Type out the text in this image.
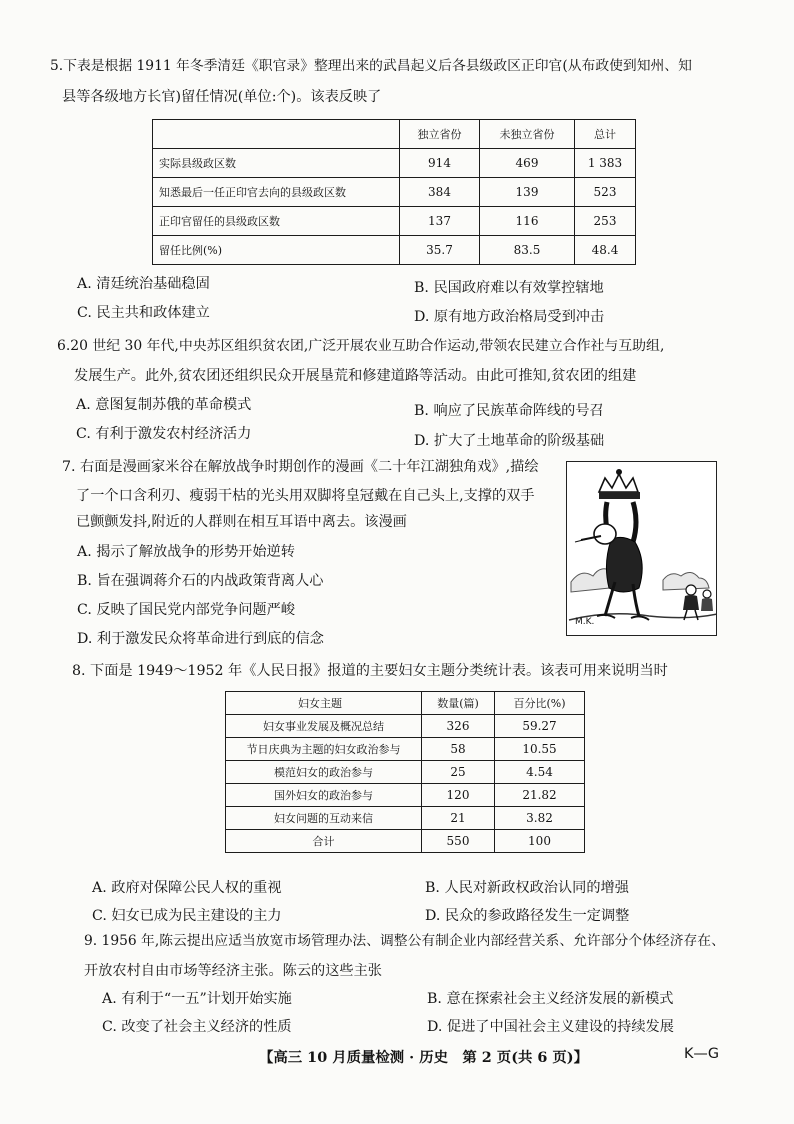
5.下表是根据 1911 年冬季清廷《职官录》整理出来的武昌起义后各县级政区正印官(从布政使到知州、知
县等各级地方长官)留任情况(单位:个)。该表反映了
	独立省份	未独立省份	总计
实际县级政区数	914	469	1 383
知悉最后一任正印官去向的县级政区数	384	139	523
正印官留任的县级政区数	137	116	253
留任比例(%)	35.7	83.5	48.4
A. 清廷统治基础稳固	B. 民国政府难以有效掌控辖地
C. 民主共和政体建立	D. 原有地方政治格局受到冲击
6.20 世纪 30 年代,中央苏区组织贫农团,广泛开展农业互助合作运动,带领农民建立合作社与互助组,
发展生产。此外,贫农团还组织民众开展垦荒和修建道路等活动。由此可推知,贫农团的组建
A. 意图复制苏俄的革命模式	B. 响应了民族革命阵线的号召
C. 有利于激发农村经济活力	D. 扩大了土地革命的阶级基础
7. 右面是漫画家米谷在解放战争时期创作的漫画《二十年江湖独角戏》,描绘
了一个口含利刃、瘦弱干枯的光头用双脚将皇冠戴在自己头上,支撑的双手
已颤颤发抖,附近的人群则在相互耳语中离去。该漫画
M.K.
A. 揭示了解放战争的形势开始逆转
B. 旨在强调蒋介石的内战政策背离人心
C. 反映了国民党内部党争问题严峻
D. 利于激发民众将革命进行到底的信念
8. 下面是 1949～1952 年《人民日报》报道的主要妇女主题分类统计表。该表可用来说明当时
妇女主题	数量(篇)	百分比(%)
妇女事业发展及概况总结	326	59.27
节日庆典为主题的妇女政治参与	58	10.55
模范妇女的政治参与	25	4.54
国外妇女的政治参与	120	21.82
妇女问题的互动来信	21	3.82
合计	550	100
A. 政府对保障公民人权的重视	B. 人民对新政权政治认同的增强
C. 妇女已成为民主建设的主力	D. 民众的参政路径发生一定调整
9. 1956 年,陈云提出应适当放宽市场管理办法、调整公有制企业内部经营关系、允许部分个体经济存在、
开放农村自由市场等经济主张。陈云的这些主张
A. 有利于“一五”计划开始实施	B. 意在探索社会主义经济发展的新模式
C. 改变了社会主义经济的性质	D. 促进了中国社会主义建设的持续发展
【高三 10 月质量检测 · 历史　第 2 页(共 6 页)】	K—G
